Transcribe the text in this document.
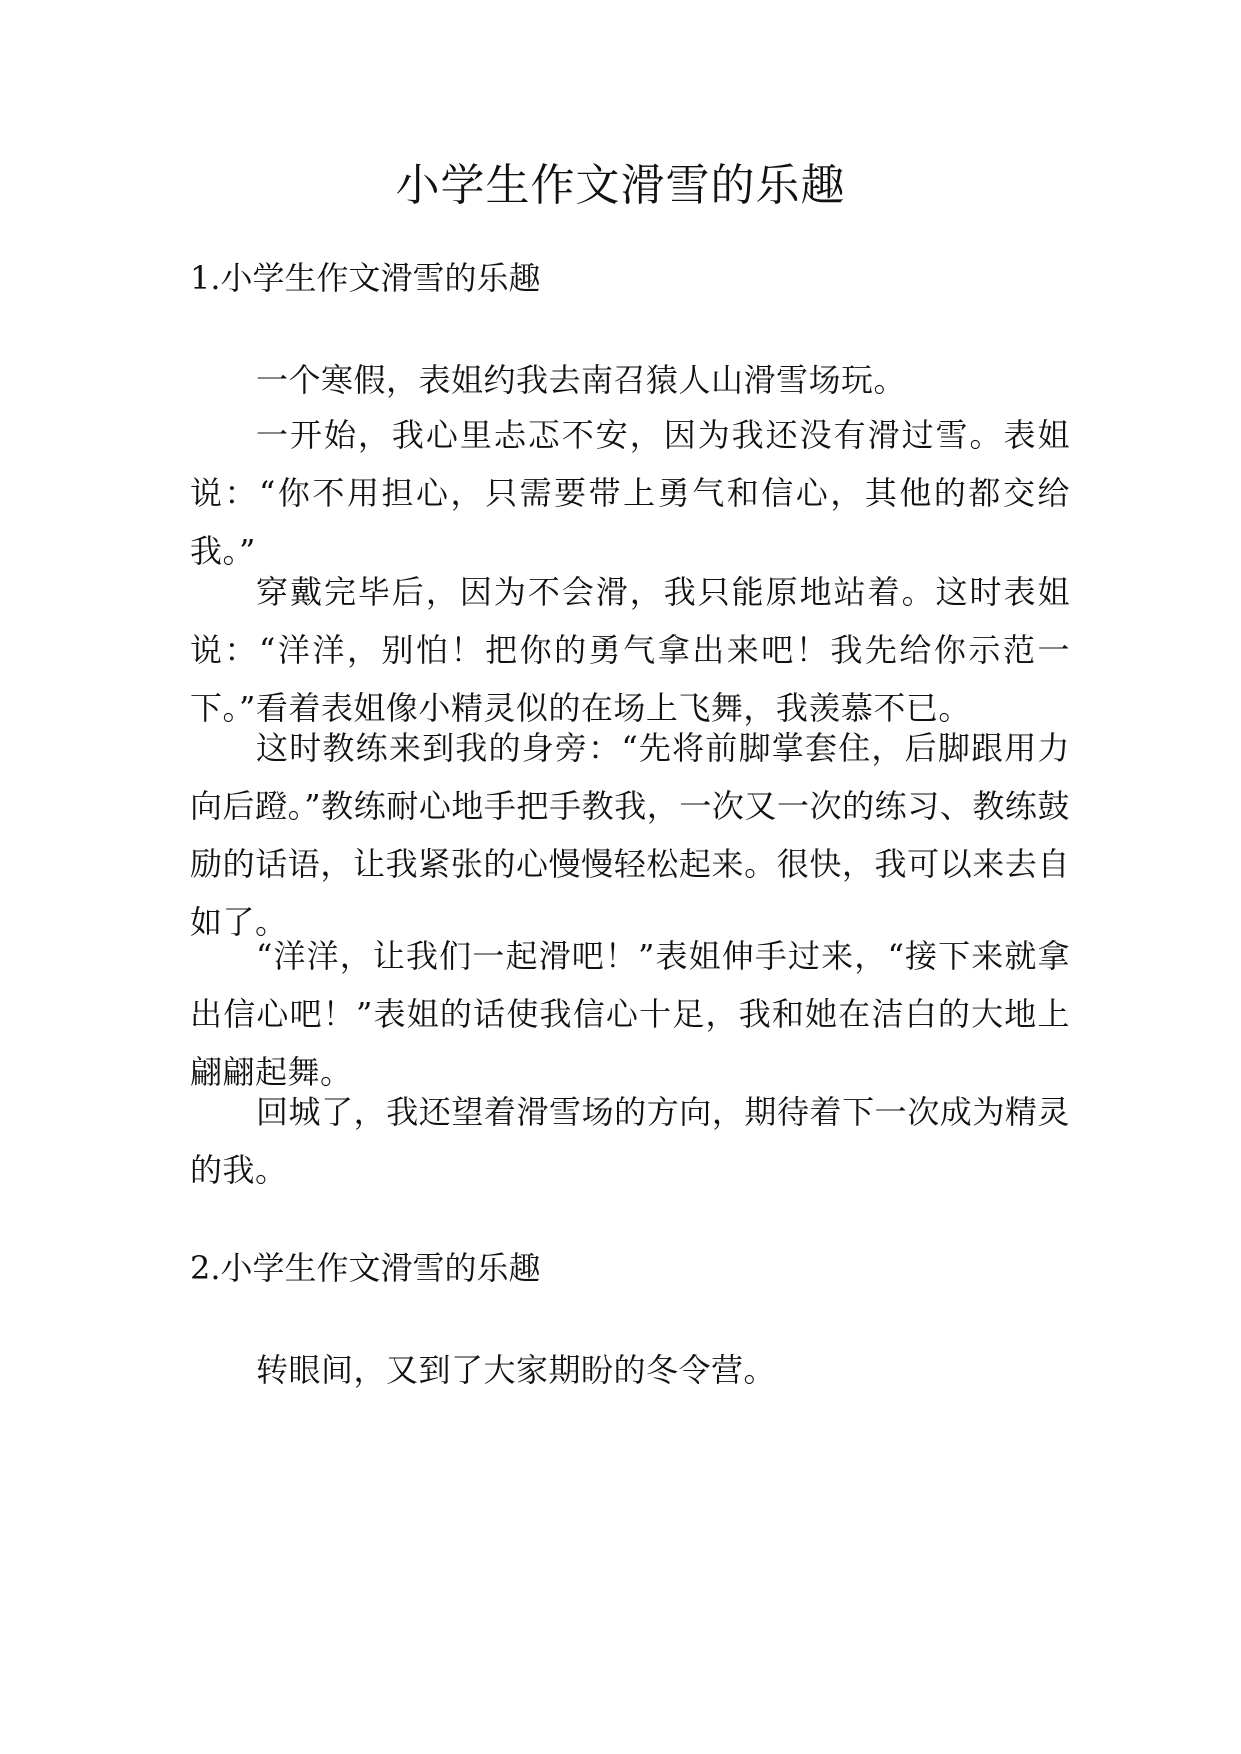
小学生作文滑雪的乐趣
1.小学生作文滑雪的乐趣
一个寒假，表姐约我去南召猿人山滑雪场玩。
一开始，我心里忐忑不安，因为我还没有滑过雪。表姐说：“你不用担心，只需要带上勇气和信心，其他的都交给我。”
穿戴完毕后，因为不会滑，我只能原地站着。这时表姐说：“洋洋，别怕！把你的勇气拿出来吧！我先给你示范一下。”看着表姐像小精灵似的在场上飞舞，我羡慕不已。
这时教练来到我的身旁：“先将前脚掌套住，后脚跟用力向后蹬。”教练耐心地手把手教我，一次又一次的练习、教练鼓励的话语，让我紧张的心慢慢轻松起来。很快，我可以来去自如了。
“洋洋，让我们一起滑吧！”表姐伸手过来，“接下来就拿出信心吧！”表姐的话使我信心十足，我和她在洁白的大地上翩翩起舞。
回城了，我还望着滑雪场的方向，期待着下一次成为精灵的我。
2.小学生作文滑雪的乐趣
转眼间，又到了大家期盼的冬令营。
